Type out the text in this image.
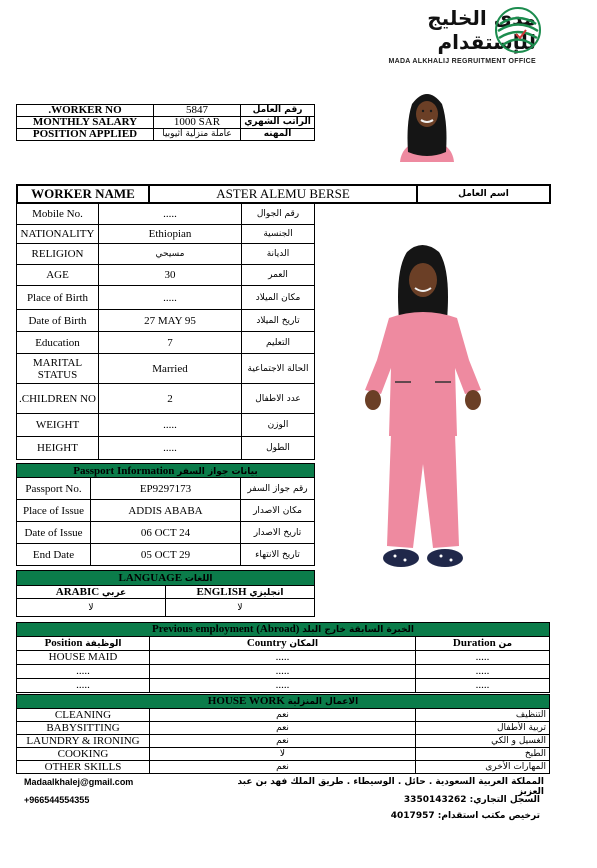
مدى الخليج للإستقدام
MADA ALKHALIJ REGRUITMENT OFFICE
.WORKER NO	5847	رقم العامل
MONTHLY SALARY	1000 SAR	الراتب الشهري
POSITION APPLIED	عاملة منزلية اثيوبيا	المهنه
WORKER NAME	ASTER ALEMU BERSE	اسم العامل
Mobile No.	.....	رقم الجوال
NATIONALITY	Ethiopian	الجنسية
RELIGION	مسيحي	الديانة
AGE	30	العمر
Place of Birth	.....	مكان الميلاد
Date of Birth	27 MAY 95	تاريخ الميلاد
Education	7	التعليم
MARITAL STATUS	Married	الحالة الاجتماعية
.CHILDREN NO	2	عدد الاطفال
WEIGHT	.....	الوزن
HEIGHT	.....	الطول
Passport Information بيانات جواز السفر		
Passport No.	EP9297173	رقم جواز السفر
Place of Issue	ADDIS ABABA	مكان الاصدار
Date of Issue	06 OCT 24	تاريخ الاصدار
End Date	05 OCT 29	تاريخ الانتهاء
LANGUAGE اللغات	
ARABIC عربي	ENGLISH انجليزي
لا	لا
Previous employment (Abroad) الخبرة السابقة خارج البلد		
Position الوظيفة	Country المكان	Duration من
HOUSE MAID	.....	.....
.....	.....	.....
.....	.....	.....
HOUSE WORK الاعمال المنزلية		
CLEANING	نعم	التنظيف
BABYSITTING	نعم	تربية الأطفال
LAUNDRY & IRONING	نعم	الغسيل و الكي
COOKING	لا	الطبخ
OTHER SKILLS	نعم	المهارات الأخرى
Madaalkhalej@gmail.com
+966544554355
المملكة العربية السعودية . حائل . الوسيطاء . طريق الملك فهد بن عبد العزيز
السجل التجاري: 3350143262
ترخيص مكتب استقدام: 4017957
